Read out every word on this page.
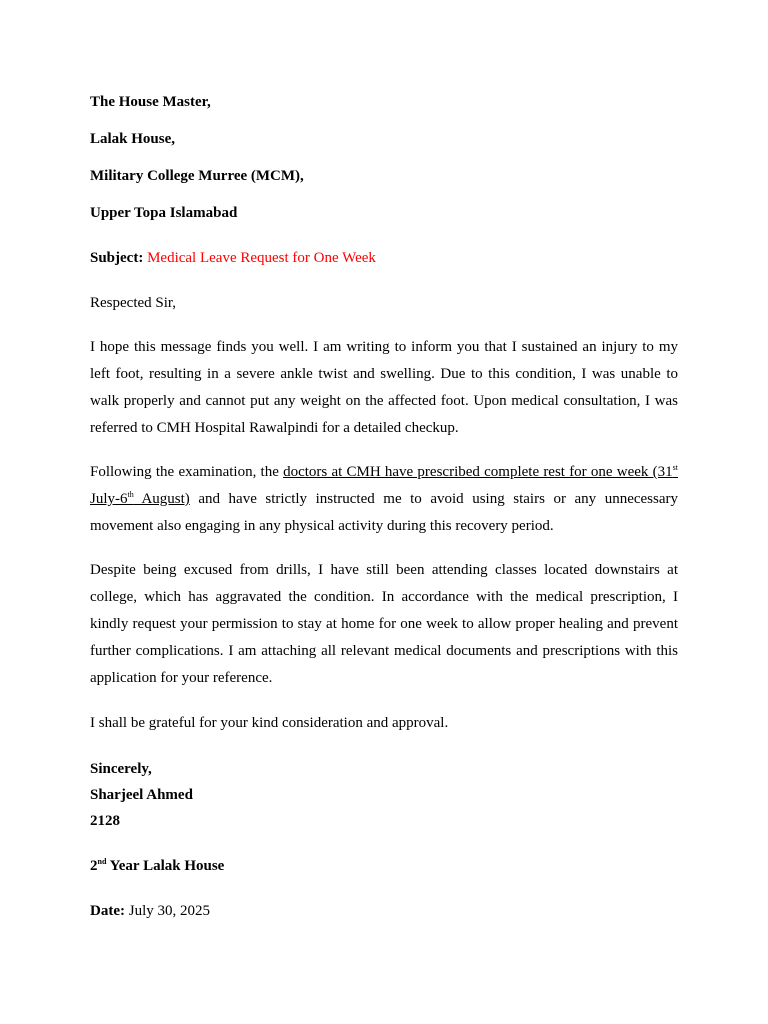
The House Master,
Lalak House,
Military College Murree (MCM),
Upper Topa Islamabad
Subject: Medical Leave Request for One Week
Respected Sir,
I hope this message finds you well. I am writing to inform you that I sustained an injury to my left foot, resulting in a severe ankle twist and swelling. Due to this condition, I was unable to walk properly and cannot put any weight on the affected foot. Upon medical consultation, I was referred to CMH Hospital Rawalpindi for a detailed checkup.
Following the examination, the doctors at CMH have prescribed complete rest for one week (31st July-6th August) and have strictly instructed me to avoid using stairs or any unnecessary movement also engaging in any physical activity during this recovery period.
Despite being excused from drills, I have still been attending classes located downstairs at college, which has aggravated the condition. In accordance with the medical prescription, I kindly request your permission to stay at home for one week to allow proper healing and prevent further complications. I am attaching all relevant medical documents and prescriptions with this application for your reference.
I shall be grateful for your kind consideration and approval.
Sincerely,
Sharjeel Ahmed
2128
2nd Year Lalak House
Date: July 30, 2025
